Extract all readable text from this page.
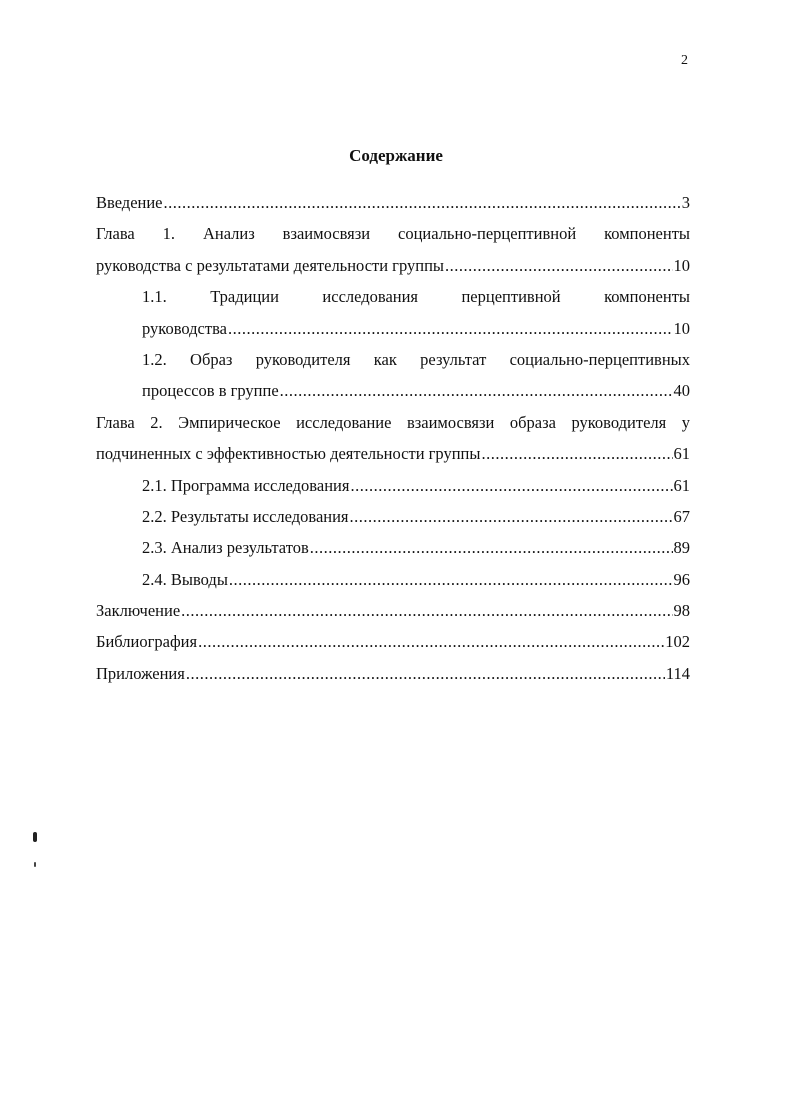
2
Содержание
Введение .....	3
Глава 1. Анализ взаимосвязи социально-перцептивной компоненты
руководства с результатами деятельности группы .....	10
1.1. Традиции исследования перцептивной компоненты
руководства .....	10
1.2. Образ руководителя как результат социально-перцептивных
процессов в группе .....	40
Глава 2. Эмпирическое исследование взаимосвязи образа руководителя у
подчиненных с эффективностью деятельности группы .....	61
2.1. Программа исследования .....	61
2.2. Результаты исследования .....	67
2.3. Анализ результатов .....	89
2.4. Выводы .....	96
Заключение .....	98
Библиография .....	102
Приложения .....	114
